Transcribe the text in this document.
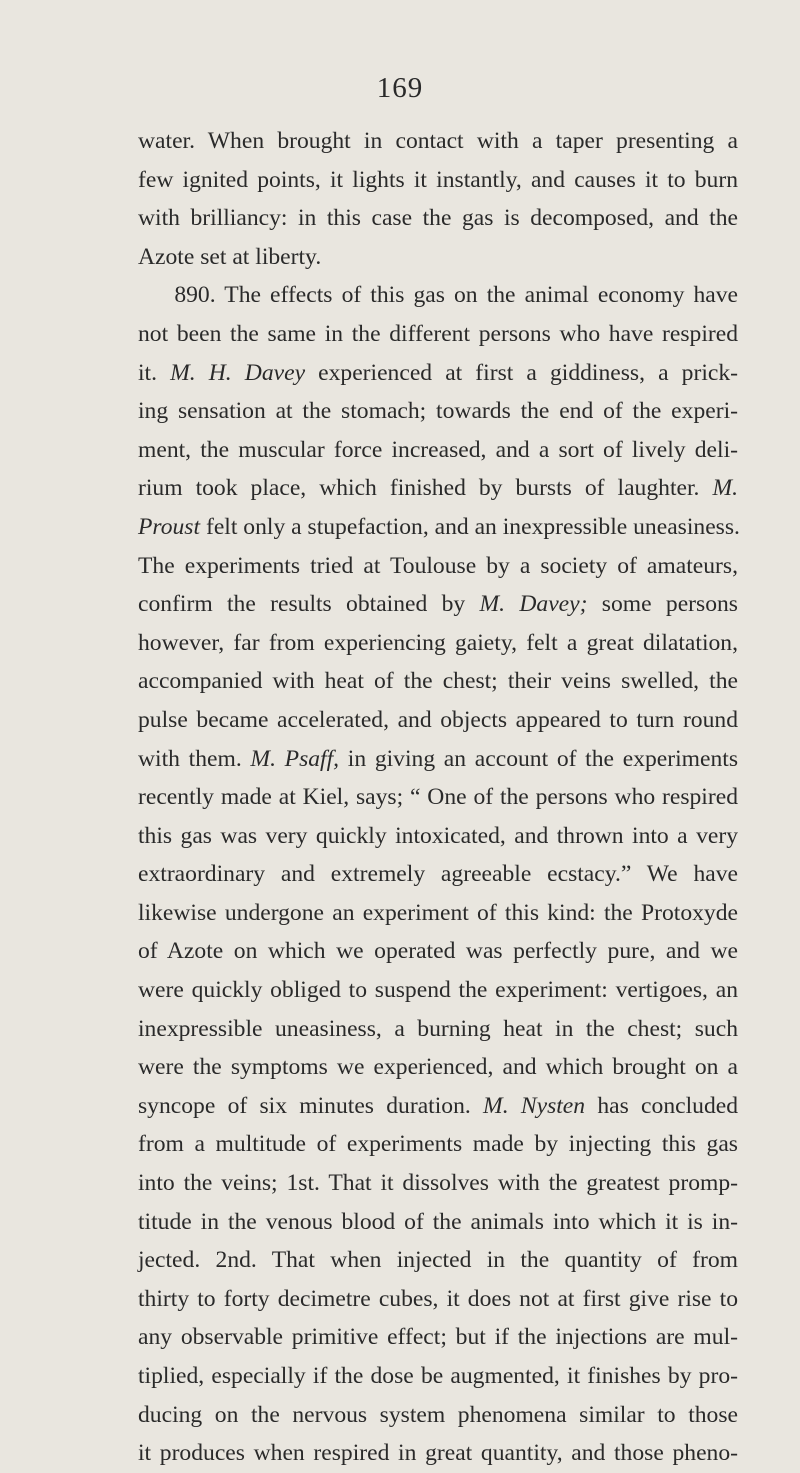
169
water. When brought in contact with a taper presenting a
few ignited points, it lights it instantly, and causes it to burn
with brilliancy: in this case the gas is decomposed, and the
Azote set at liberty.
890. The effects of this gas on the animal economy have
not been the same in the different persons who have respired
it. M. H. Davey experienced at first a giddiness, a prick-
ing sensation at the stomach; towards the end of the experi-
ment, the muscular force increased, and a sort of lively deli-
rium took place, which finished by bursts of laughter. M.
Proust felt only a stupefaction, and an inexpressible uneasiness.
The experiments tried at Toulouse by a society of amateurs,
confirm the results obtained by M. Davey; some persons
however, far from experiencing gaiety, felt a great dilatation,
accompanied with heat of the chest; their veins swelled, the
pulse became accelerated, and objects appeared to turn round
with them. M. Psaff, in giving an account of the experiments
recently made at Kiel, says; “ One of the persons who respired
this gas was very quickly intoxicated, and thrown into a very
extraordinary and extremely agreeable ecstacy.” We have
likewise undergone an experiment of this kind: the Protoxyde
of Azote on which we operated was perfectly pure, and we
were quickly obliged to suspend the experiment: vertigoes, an
inexpressible uneasiness, a burning heat in the chest; such
were the symptoms we experienced, and which brought on a
syncope of six minutes duration. M. Nysten has concluded
from a multitude of experiments made by injecting this gas
into the veins; 1st. That it dissolves with the greatest promp-
titude in the venous blood of the animals into which it is in-
jected. 2nd. That when injected in the quantity of from
thirty to forty decimetre cubes, it does not at first give rise to
any observable primitive effect; but if the injections are mul-
tiplied, especially if the dose be augmented, it finishes by pro-
ducing on the nervous system phenomena similar to those
it produces when respired in great quantity, and those pheno-
